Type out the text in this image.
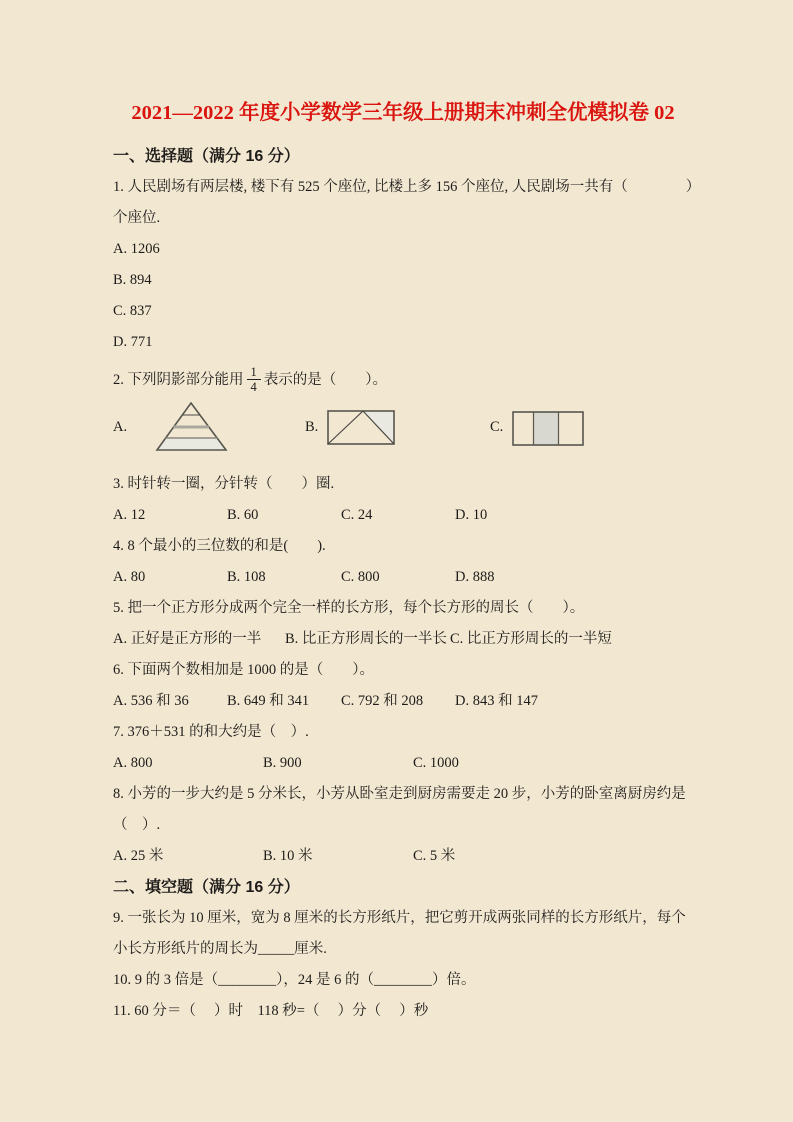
2021—2022 年度小学数学三年级上册期末冲刺全优模拟卷 02

一、选择题（满分 16 分）

1. 人民剧场有两层楼, 楼下有 525 个座位, 比楼上多 156 个座位, 人民剧场一共有（　　　　）

个座位.

A. 1206

B. 894

C. 837

D. 771

2. 下列阴影部分能用 $\frac{1}{4}$ 表示的是（　　）。

A.	B.	C.

3. 时针转一圈，分针转（　　）圈.

A. 12	B. 60	C. 24	D. 10

4. 8 个最小的三位数的和是(　　).

A. 80	B. 108	C. 800	D. 888

5. 把一个正方形分成两个完全一样的长方形，每个长方形的周长（　　）。

A. 正好是正方形的一半 B. 比正方形周长的一半长 C. 比正方形周长的一半短

6. 下面两个数相加是 1000 的是（　　）。

A. 536 和 36	B. 649 和 341 C. 792 和 208 D. 843 和 147

7. 376＋531 的和大约是（　）.

A. 800	B. 900	C. 1000

8. 小芳的一步大约是 5 分米长，小芳从卧室走到厨房需要走 20 步，小芳的卧室离厨房约是

（　）.

A. 25 米	B. 10 米	C. 5 米

二、填空题（满分 16 分）

9. 一张长为 10 厘米，宽为 8 厘米的长方形纸片，把它剪开成两张同样的长方形纸片，每个

小长方形纸片的周长为_____厘米.

10. 9 的 3 倍是（________），24 是 6 的（________）倍。

11. 60 分＝（　 ）时　118 秒=（　 ）分（　 ）秒
